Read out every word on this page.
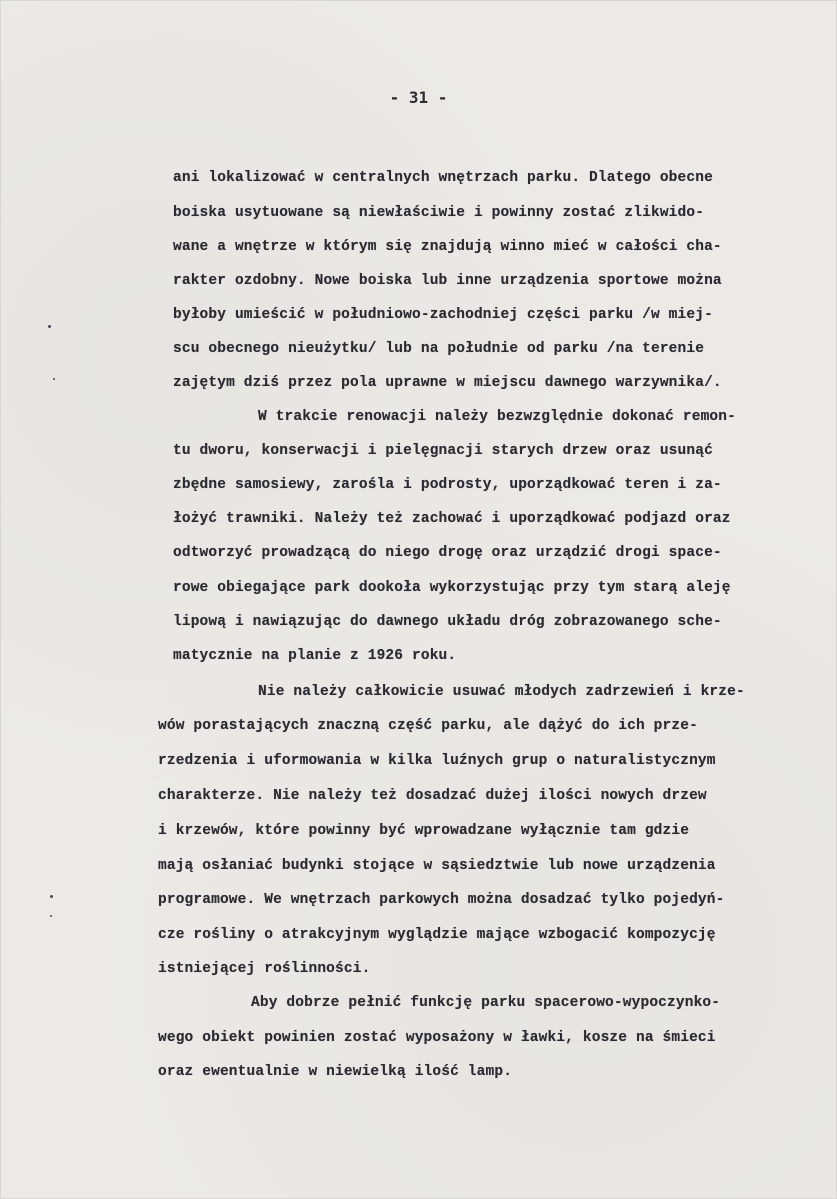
- 31 -
ani lokalizować w centralnych wnętrzach parku. Dlatego obecne
boiska usytuowane są niewłaściwie i powinny zostać zlikwido-
wane a wnętrze w którym się znajdują winno mieć w całości cha-
rakter ozdobny. Nowe boiska lub inne urządzenia sportowe można
byłoby umieścić w południowo-zachodniej części parku /w miej-
scu obecnego nieużytku/ lub na południe od parku /na terenie
zajętym dziś przez pola uprawne w miejscu dawnego warzywnika/.
W trakcie renowacji należy bezwzględnie dokonać remon-
tu dworu, konserwacji i pielęgnacji starych drzew oraz usunąć
zbędne samosiewy, zarośla i podrosty, uporządkować teren i za-
łożyć trawniki. Należy też zachować i uporządkować podjazd oraz
odtworzyć prowadzącą do niego drogę oraz urządzić drogi space-
rowe obiegające park dookoła wykorzystując przy tym starą aleję
lipową i nawiązując do dawnego układu dróg zobrazowanego sche-
matycznie na planie z 1926 roku.
Nie należy całkowicie usuwać młodych zadrzewień i krze-
wów porastających znaczną część parku, ale dążyć do ich prze-
rzedzenia i uformowania w kilka luźnych grup o naturalistycznym
charakterze. Nie należy też dosadzać dużej ilości nowych drzew
i krzewów, które powinny być wprowadzane wyłącznie tam gdzie
mają osłaniać budynki stojące w sąsiedztwie lub nowe urządzenia
programowe. We wnętrzach parkowych można dosadzać tylko pojedyń-
cze rośliny o atrakcyjnym wyglądzie mające wzbogacić kompozycję
istniejącej roślinności.
Aby dobrze pełnić funkcję parku spacerowo-wypoczynko-
wego obiekt powinien zostać wyposażony w ławki, kosze na śmieci
oraz ewentualnie w niewielką ilość lamp.
